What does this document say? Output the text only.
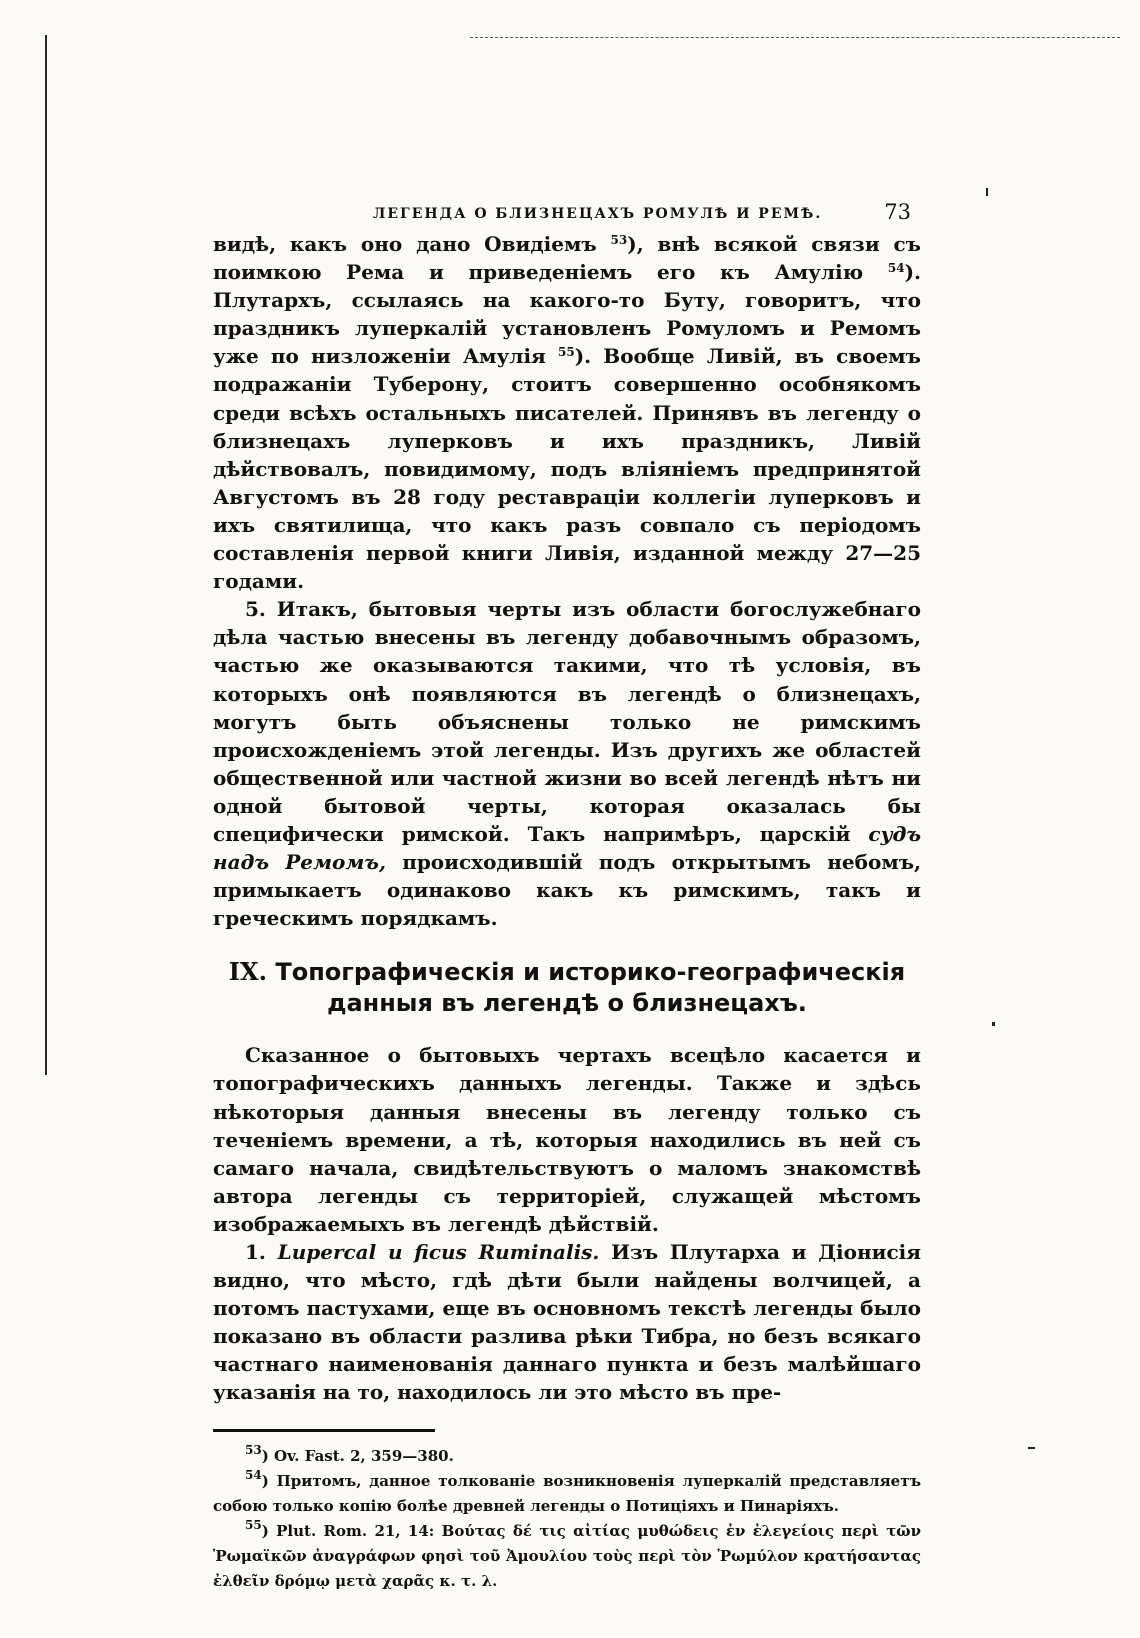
ЛЕГЕНДА О БЛИЗНЕЦАХЪ РОМУЛѢ И РЕМѢ.	73

видѣ, какъ оно дано Овидіемъ $^{53}$), внѣ всякой связи съ поимкою Рема и приведеніемъ его къ Амулію $^{54}$). Плутархъ, ссылаясь на какого-то Буту, говоритъ, что праздникъ луперкалій установленъ Ромуломъ и Ремомъ уже по низложеніи Амулія $^{55}$). Вообще Ливій, въ своемъ подражаніи Туберону, стоитъ совершенно особнякомъ среди всѣхъ остальныхъ писателей. Принявъ въ легенду о близнецахъ луперковъ и ихъ праздникъ, Ливій дѣйствовалъ, повидимому, подъ вліяніемъ предпринятой Августомъ въ 28 году реставраціи коллегіи луперковъ и ихъ святилища, что какъ разъ совпало съ періодомъ составленія первой книги Ливія, изданной между 27—25 годами.

5. Итакъ, бытовыя черты изъ области богослужебнаго дѣла частью внесены въ легенду добавочнымъ образомъ, частью же оказываются такими, что тѣ условія, въ которыхъ онѣ появляются въ легендѣ о близнецахъ, могутъ быть объяснены только не римскимъ происхожденіемъ этой легенды. Изъ другихъ же областей общественной или частной жизни во всей легендѣ нѣтъ ни одной бытовой черты, которая оказалась бы специфически римской. Такъ напримѣръ, царскій судъ надъ Ремомъ, происходившій подъ открытымъ небомъ, примыкаетъ одинаково какъ къ римскимъ, такъ и греческимъ порядкамъ.

IX. Топографическія и историко-географическія данныя въ легендѣ о близнецахъ.

Сказанное о бытовыхъ чертахъ всецѣло касается и топографическихъ данныхъ легенды. Также и здѣсь нѣкоторыя данныя внесены въ легенду только съ теченіемъ времени, а тѣ, которыя находились въ ней съ самаго начала, свидѣтельствуютъ о маломъ знакомствѣ автора легенды съ территоріей, служащей мѣстомъ изображаемыхъ въ легендѣ дѣйствій.

1. Lupercal и ficus Ruminalis. Изъ Плутарха и Діонисія видно, что мѣсто, гдѣ дѣти были найдены волчицей, а потомъ пастухами, еще въ основномъ текстѣ легенды было показано въ области разлива рѣки Тибра, но безъ всякаго частнаго наименованія даннаго пункта и безъ малѣйшаго указанія на то, находилось ли это мѣсто въ пре-

$^{53}$) Ov. Fast. 2, 359—380.

$^{54}$) Притомъ, данное толкованіе возникновенія луперкалій представляетъ собою только копію болѣе древней легенды о Потиціяхъ и Пинаріяхъ.

$^{55}$) Plut. Rom. 21, 14: Βούτας δέ τις αἰτίας μυθώδεις ἐν ἐλεγείοις περὶ τῶν Ῥωμαϊκῶν ἀναγράφων φησὶ τοῦ Ἀμουλίου τοὺς περὶ τὸν Ῥωμύλον κρατήσαντας ἐλθεῖν δρόμῳ μετὰ χαρᾶς κ. τ. λ.
